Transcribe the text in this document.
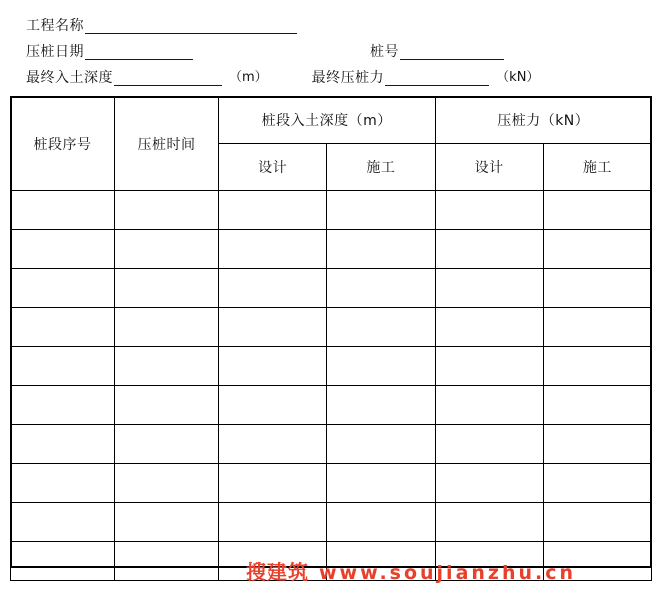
工程名称
压桩日期	桩号
最终入土深度	（m）	最终压桩力	（kN）
桩段序号	压桩时间	桩段入土深度（m）		压桩力（kN）	
		设计	施工	设计	施工

搜建筑 www.soujianzhu.cn
